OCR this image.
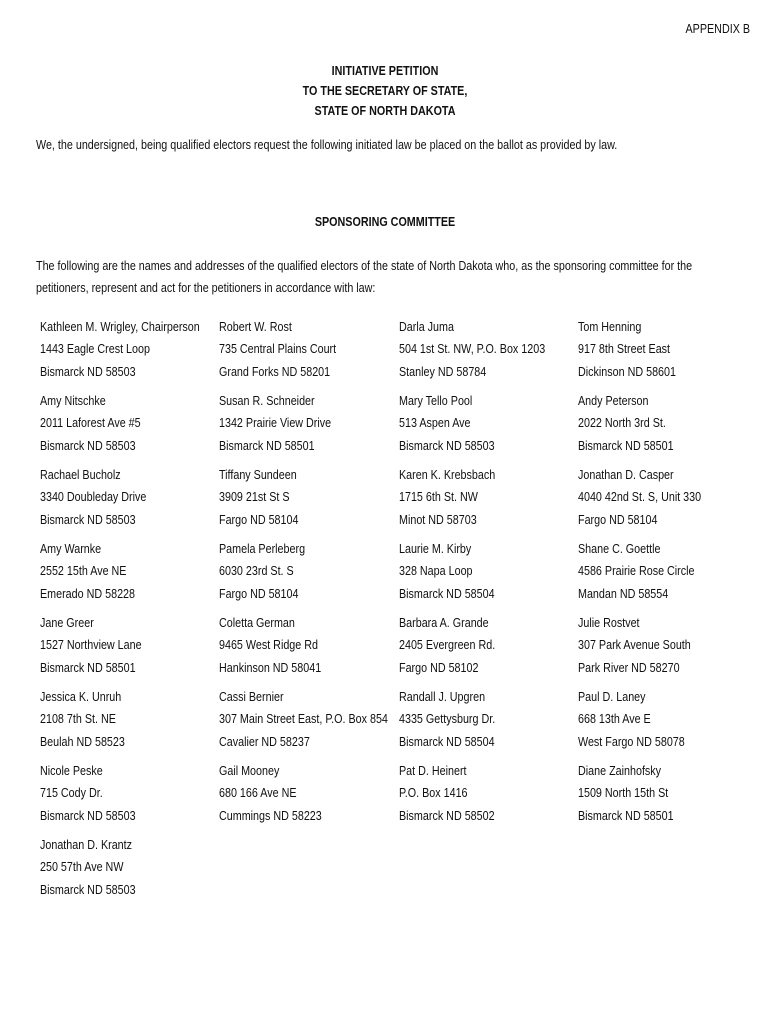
APPENDIX B
INITIATIVE PETITION
TO THE SECRETARY OF STATE,
STATE OF NORTH DAKOTA
We, the undersigned, being qualified electors request the following initiated law be placed on the ballot as provided by law.
SPONSORING COMMITTEE
The following are the names and addresses of the qualified electors of the state of North Dakota who, as the sponsoring committee for the petitioners, represent and act for the petitioners in accordance with law:
Kathleen M. Wrigley, Chairperson
1443 Eagle Crest Loop
Bismarck ND 58503
Robert W. Rost
735 Central Plains Court
Grand Forks ND 58201
Darla Juma
504 1st St. NW, P.O. Box 1203
Stanley ND 58784
Tom Henning
917 8th Street East
Dickinson ND 58601
Amy Nitschke
2011 Laforest Ave #5
Bismarck ND 58503
Susan R. Schneider
1342 Prairie View Drive
Bismarck ND 58501
Mary Tello Pool
513 Aspen Ave
Bismarck ND 58503
Andy Peterson
2022 North 3rd St.
Bismarck ND 58501
Rachael Bucholz
3340 Doubleday Drive
Bismarck ND 58503
Tiffany Sundeen
3909 21st St S
Fargo ND 58104
Karen K. Krebsbach
1715 6th St. NW
Minot ND 58703
Jonathan D. Casper
4040 42nd St. S, Unit 330
Fargo ND 58104
Amy Warnke
2552 15th Ave NE
Emerado ND 58228
Pamela Perleberg
6030 23rd St. S
Fargo ND 58104
Laurie M. Kirby
328 Napa Loop
Bismarck ND 58504
Shane C. Goettle
4586 Prairie Rose Circle
Mandan ND 58554
Jane Greer
1527 Northview Lane
Bismarck ND 58501
Coletta German
9465 West Ridge Rd
Hankinson ND 58041
Barbara A. Grande
2405 Evergreen Rd.
Fargo ND 58102
Julie Rostvet
307 Park Avenue South
Park River ND 58270
Jessica K. Unruh
2108 7th St. NE
Beulah ND 58523
Cassi Bernier
307 Main Street East, P.O. Box 854
Cavalier ND 58237
Randall J. Upgren
4335 Gettysburg Dr.
Bismarck ND 58504
Paul D. Laney
668 13th Ave E
West Fargo ND 58078
Nicole Peske
715 Cody Dr.
Bismarck ND 58503
Gail Mooney
680 166 Ave NE
Cummings ND 58223
Pat D. Heinert
P.O. Box 1416
Bismarck ND 58502
Diane Zainhofsky
1509 North 15th St
Bismarck ND 58501
Jonathan D. Krantz
250 57th Ave NW
Bismarck ND 58503
